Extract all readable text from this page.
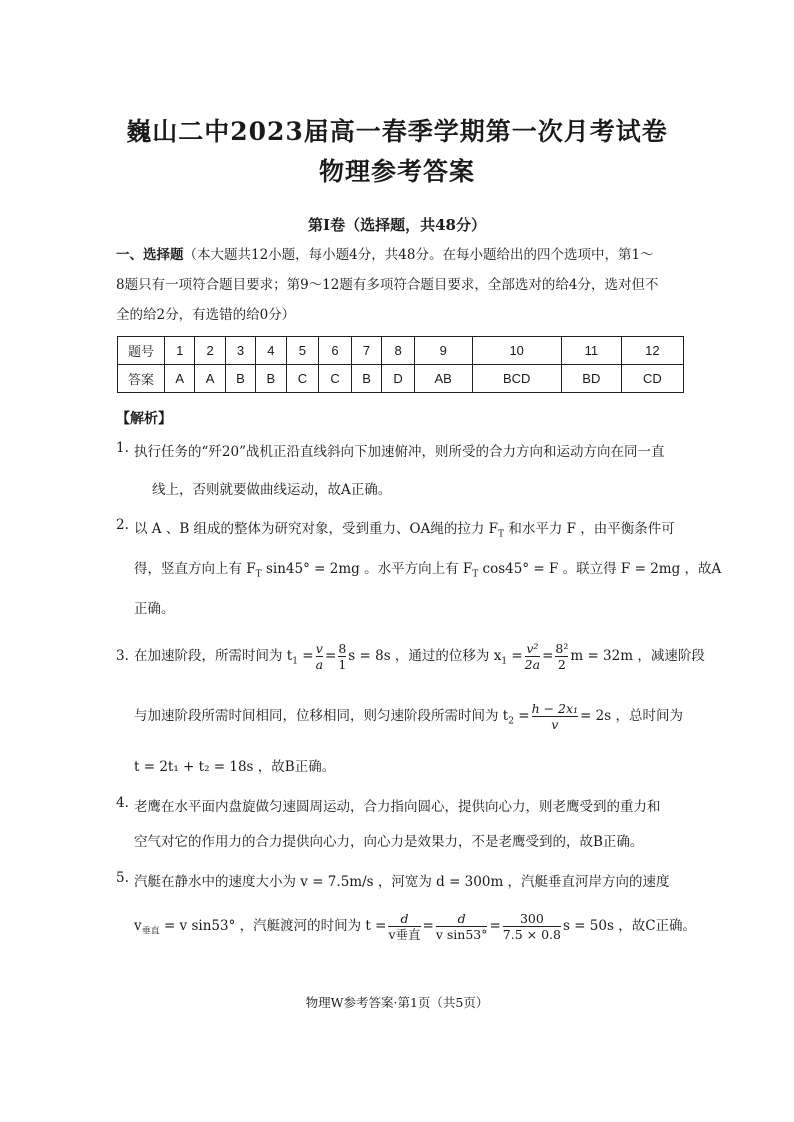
巍山二中2023届高一春季学期第一次月考试卷
物理参考答案
第Ⅰ卷（选择题，共48分）
一、选择题（本大题共12小题，每小题4分，共48分。在每小题给出的四个选项中，第1～
8题只有一项符合题目要求；第9～12题有多项符合题目要求，全部选对的给4分，选对但不
全的给2分，有选错的给0分）
题号	1	2	3	4	5	6	7	8	9	10	11	12
答案	A	A	B	B	C	C	B	D	AB	BCD	BD	CD
【解析】
1. 执行任务的“歼20”战机正沿直线斜向下加速俯冲，则所受的合力方向和运动方向在同一直
线上，否则就要做曲线运动，故A正确。
2. 以 A 、B 组成的整体为研究对象，受到重力、OA绳的拉力 $F_T$ 和水平力 F ，由平衡条件可
得，竖直方向上有 $F_T$ sin45° = 2mg 。水平方向上有 $F_T$ cos45° = F 。联立得 F = 2mg ，故A
正确。
3. 在加速阶段，所需时间为 $t_1 = \frac{v}{a} = \frac{8}{1}$ s = 8s ，通过的位移为 $x_1 = \frac{\text{v²}}{2a} = \frac{\text{8²}}{2}$ m = 32m ，减速阶段
与加速阶段所需时间相同，位移相同，则匀速阶段所需时间为 $t_2 = \frac{\text{h − 2x₁}}{v} = 2s$ ，总时间为
t = 2t₁ + t₂ = 18s ，故B正确。
4. 老鹰在水平面内盘旋做匀速圆周运动，合力指向圆心，提供向心力，则老鹰受到的重力和
空气对它的作用力的合力提供向心力，向心力是效果力，不是老鹰受到的，故B正确。
5. 汽艇在静水中的速度大小为 v = 7.5m/s ，河宽为 d = 300m ，汽艇垂直河岸方向的速度
$v_{垂直} = v$ sin53° ，汽艇渡河的时间为 $t = \frac{d}{\text{v垂直}} = \frac{d}{\text{v sin53°}} = \frac{300}{7.5 \times 0.8}$ s = 50s ，故C正确。
物理W参考答案·第1页（共5页）
